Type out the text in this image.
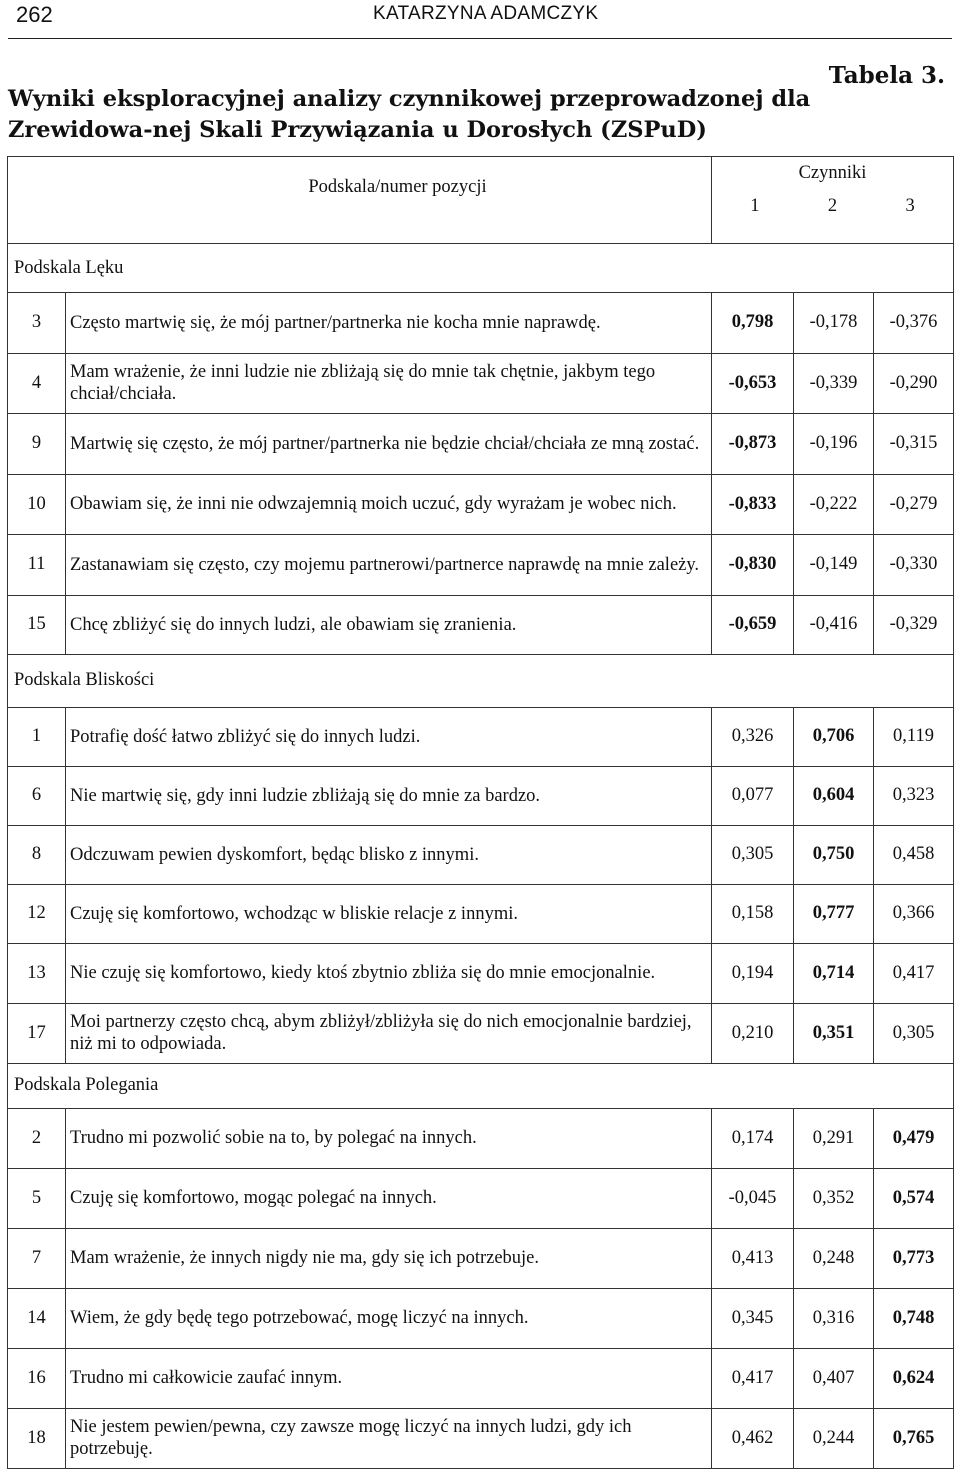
262	KATARZYNA ADAMCZYK
Tabela 3.
Wyniki eksploracyjnej analizy czynnikowej przeprowadzonej dla Zrewidowa-nej Skali Przywiązania u Dorosłych (ZSPuD)
Podskala/numer pozycji		Czynniki
1 2 3		

Podskala Lęku				
3	Często martwię się, że mój partner/partnerka nie kocha mnie naprawdę.	0,798	-0,178	-0,376
4	Mam wrażenie, że inni ludzie nie zbliżają się do mnie tak chętnie, jakbym tego chciał/chciała.	-0,653	-0,339	-0,290
9	Martwię się często, że mój partner/partnerka nie będzie chciał/chciała ze mną zostać.	-0,873	-0,196	-0,315
10	Obawiam się, że inni nie odwzajemnią moich uczuć, gdy wyrażam je wobec nich.	-0,833	-0,222	-0,279
11	Zastanawiam się często, czy mojemu partnerowi/partnerce naprawdę na mnie zależy.	-0,830	-0,149	-0,330
15	Chcę zbliżyć się do innych ludzi, ale obawiam się zranienia.	-0,659	-0,416	-0,329
Podskala Bliskości				
1	Potrafię dość łatwo zbliżyć się do innych ludzi.	0,326	0,706	0,119
6	Nie martwię się, gdy inni ludzie zbliżają się do mnie za bardzo.	0,077	0,604	0,323
8	Odczuwam pewien dyskomfort, będąc blisko z innymi.	0,305	0,750	0,458
12	Czuję się komfortowo, wchodząc w bliskie relacje z innymi.	0,158	0,777	0,366
13	Nie czuję się komfortowo, kiedy ktoś zbytnio zbliża się do mnie emocjonalnie.	0,194	0,714	0,417
17	Moi partnerzy często chcą, abym zbliżył/zbliżyła się do nich emocjonalnie bardziej, niż mi to odpowiada.	0,210	0,351	0,305
Podskala Polegania				
2	Trudno mi pozwolić sobie na to, by polegać na innych.	0,174	0,291	0,479
5	Czuję się komfortowo, mogąc polegać na innych.	-0,045	0,352	0,574
7	Mam wrażenie, że innych nigdy nie ma, gdy się ich potrzebuje.	0,413	0,248	0,773
14	Wiem, że gdy będę tego potrzebować, mogę liczyć na innych.	0,345	0,316	0,748
16	Trudno mi całkowicie zaufać innym.	0,417	0,407	0,624
18	Nie jestem pewien/pewna, czy zawsze mogę liczyć na innych ludzi, gdy ich potrzebuję.	0,462	0,244	0,765
